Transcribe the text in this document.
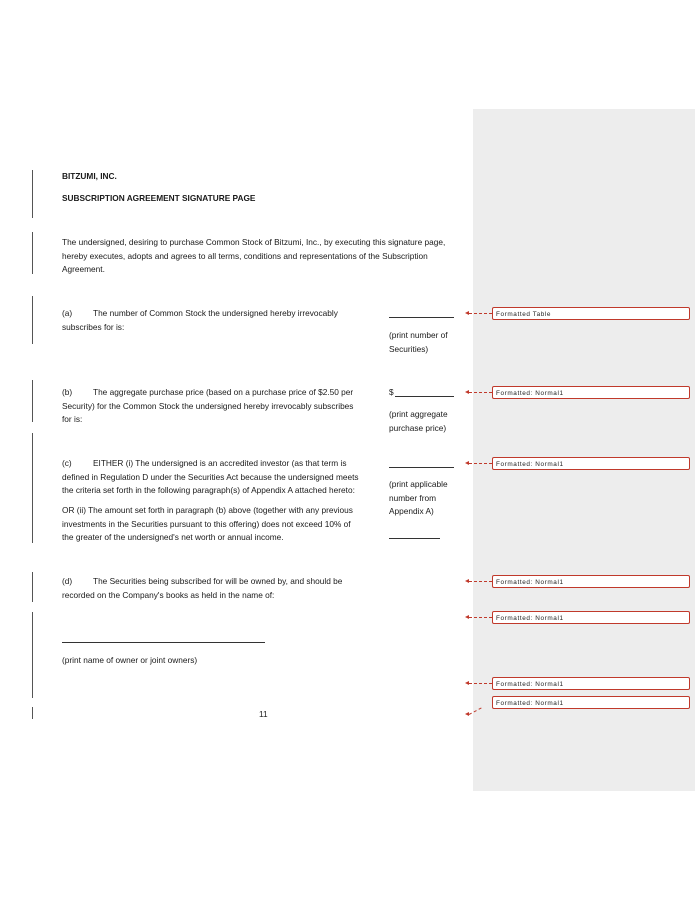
BITZUMI, INC.
SUBSCRIPTION AGREEMENT SIGNATURE PAGE
The undersigned, desiring to purchase Common Stock of Bitzumi, Inc., by executing this signature page,
hereby executes, adopts and agrees to all terms, conditions and representations of the Subscription
Agreement.
(a)	The number of Common Stock the undersigned hereby irrevocably
subscribes for is:
(print number of
Securities)
(b)	The aggregate purchase price (based on a purchase price of $2.50 per
Security) for the Common Stock the undersigned hereby irrevocably subscribes
for is:
$
(print aggregate
purchase price)
(c)	EITHER (i) The undersigned is an accredited investor (as that term is
defined in Regulation D under the Securities Act because the undersigned meets
the criteria set forth in the following paragraph(s) of Appendix A attached hereto:
OR (ii) The amount set forth in paragraph (b) above (together with any previous
investments in the Securities pursuant to this offering) does not exceed 10% of
the greater of the undersigned's net worth or annual income.
(print applicable
number from
Appendix A)
(d)	The Securities being subscribed for will be owned by, and should be
recorded on the Company's books as held in the name of:
(print name of owner or joint owners)
11
Formatted Table
Formatted: Normal1
Formatted: Normal1
Formatted: Normal1
Formatted: Normal1
Formatted: Normal1
Formatted: Normal1
